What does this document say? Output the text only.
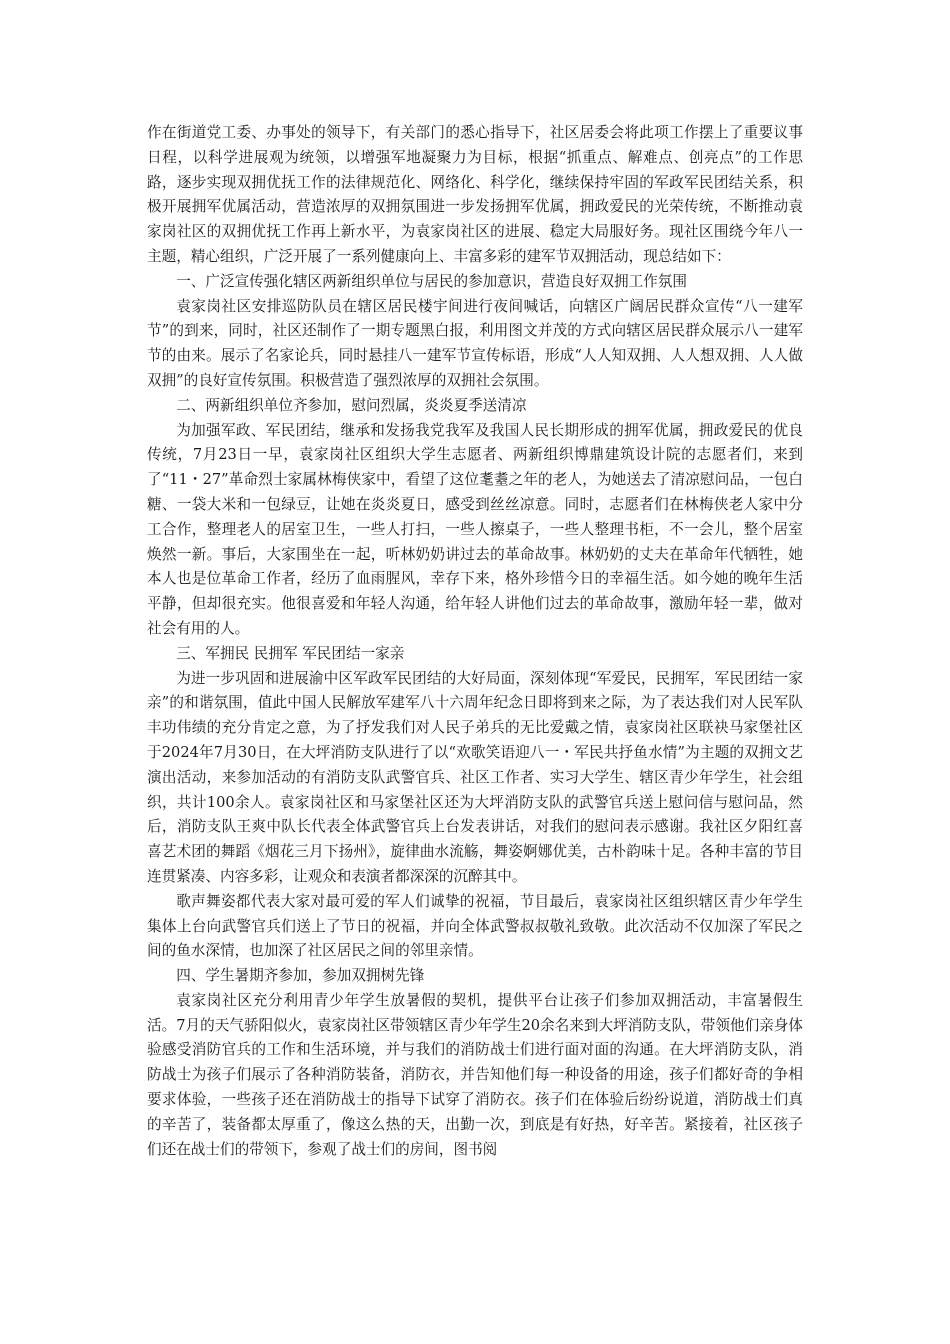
作在街道党工委、办事处的领导下，有关部门的悉心指导下，社区居委会将此项工作摆上了重要议事日程，以科学进展观为统领，以增强军地凝聚力为目标，根据“抓重点、解难点、创亮点”的工作思路，逐步实现双拥优抚工作的法律规范化、网络化、科学化，继续保持牢固的军政军民团结关系，积极开展拥军优属活动，营造浓厚的双拥氛围进一步发扬拥军优属，拥政爱民的光荣传统，不断推动袁家岗社区的双拥优抚工作再上新水平，为袁家岗社区的进展、稳定大局服好务。现社区围绕今年八一主题，精心组织，广泛开展了一系列健康向上、丰富多彩的建军节双拥活动，现总结如下：

一、广泛宣传强化辖区两新组织单位与居民的参加意识，营造良好双拥工作氛围

袁家岗社区安排巡防队员在辖区居民楼宇间进行夜间喊话，向辖区广阔居民群众宣传“八一建军节”的到来，同时，社区还制作了一期专题黑白报，利用图文并茂的方式向辖区居民群众展示八一建军节的由来。展示了名家论兵，同时悬挂八一建军节宣传标语，形成“人人知双拥、人人想双拥、人人做双拥”的良好宣传氛围。积极营造了强烈浓厚的双拥社会氛围。

二、两新组织单位齐参加，慰问烈属，炎炎夏季送清凉

为加强军政、军民团结，继承和发扬我党我军及我国人民长期形成的拥军优属，拥政爱民的优良传统，7月23日一早，袁家岗社区组织大学生志愿者、两新组织博鼎建筑设计院的志愿者们，来到了“11・27”革命烈士家属林梅侠家中，看望了这位耄耋之年的老人，为她送去了清凉慰问品，一包白糖、一袋大米和一包绿豆，让她在炎炎夏日，感受到丝丝凉意。同时，志愿者们在林梅侠老人家中分工合作，整理老人的居室卫生，一些人打扫，一些人擦桌子，一些人整理书柜，不一会儿，整个居室焕然一新。事后，大家围坐在一起，听林奶奶讲过去的革命故事。林奶奶的丈夫在革命年代牺牲，她本人也是位革命工作者，经历了血雨腥风，幸存下来，格外珍惜今日的幸福生活。如今她的晚年生活平静，但却很充实。他很喜爱和年轻人沟通，给年轻人讲他们过去的革命故事，激励年轻一辈，做对社会有用的人。

三、军拥民 民拥军 军民团结一家亲

为进一步巩固和进展渝中区军政军民团结的大好局面，深刻体现“军爱民，民拥军，军民团结一家亲”的和谐氛围，值此中国人民解放军建军八十六周年纪念日即将到来之际，为了表达我们对人民军队丰功伟绩的充分肯定之意，为了抒发我们对人民子弟兵的无比爱戴之情，袁家岗社区联袂马家堡社区于2024年7月30日，在大坪消防支队进行了以“欢歌笑语迎八一・军民共抒鱼水情”为主题的双拥文艺演出活动，来参加活动的有消防支队武警官兵、社区工作者、实习大学生、辖区青少年学生，社会组织，共计100余人。袁家岗社区和马家堡社区还为大坪消防支队的武警官兵送上慰问信与慰问品，然后，消防支队王爽中队长代表全体武警官兵上台发表讲话，对我们的慰问表示感谢。我社区夕阳红喜喜艺术团的舞蹈《烟花三月下扬州》，旋律曲水流觞，舞姿婀娜优美，古朴韵味十足。各种丰富的节目连贯紧凑、内容多彩，让观众和表演者都深深的沉醉其中。

歌声舞姿都代表大家对最可爱的军人们诚挚的祝福，节目最后，袁家岗社区组织辖区青少年学生集体上台向武警官兵们送上了节日的祝福，并向全体武警叔叔敬礼致敬。此次活动不仅加深了军民之间的鱼水深情，也加深了社区居民之间的邻里亲情。

四、学生暑期齐参加，参加双拥树先锋

袁家岗社区充分利用青少年学生放暑假的契机，提供平台让孩子们参加双拥活动，丰富暑假生活。7月的天气骄阳似火，袁家岗社区带领辖区青少年学生20余名来到大坪消防支队，带领他们亲身体验感受消防官兵的工作和生活环境，并与我们的消防战士们进行面对面的沟通。在大坪消防支队，消防战士为孩子们展示了各种消防装备，消防衣，并告知他们每一种设备的用途，孩子们都好奇的争相要求体验，一些孩子还在消防战士的指导下试穿了消防衣。孩子们在体验后纷纷说道，消防战士们真的辛苦了，装备都太厚重了，像这么热的天，出勤一次，到底是有好热，好辛苦。紧接着，社区孩子们还在战士们的带领下，参观了战士们的房间，图书阅
